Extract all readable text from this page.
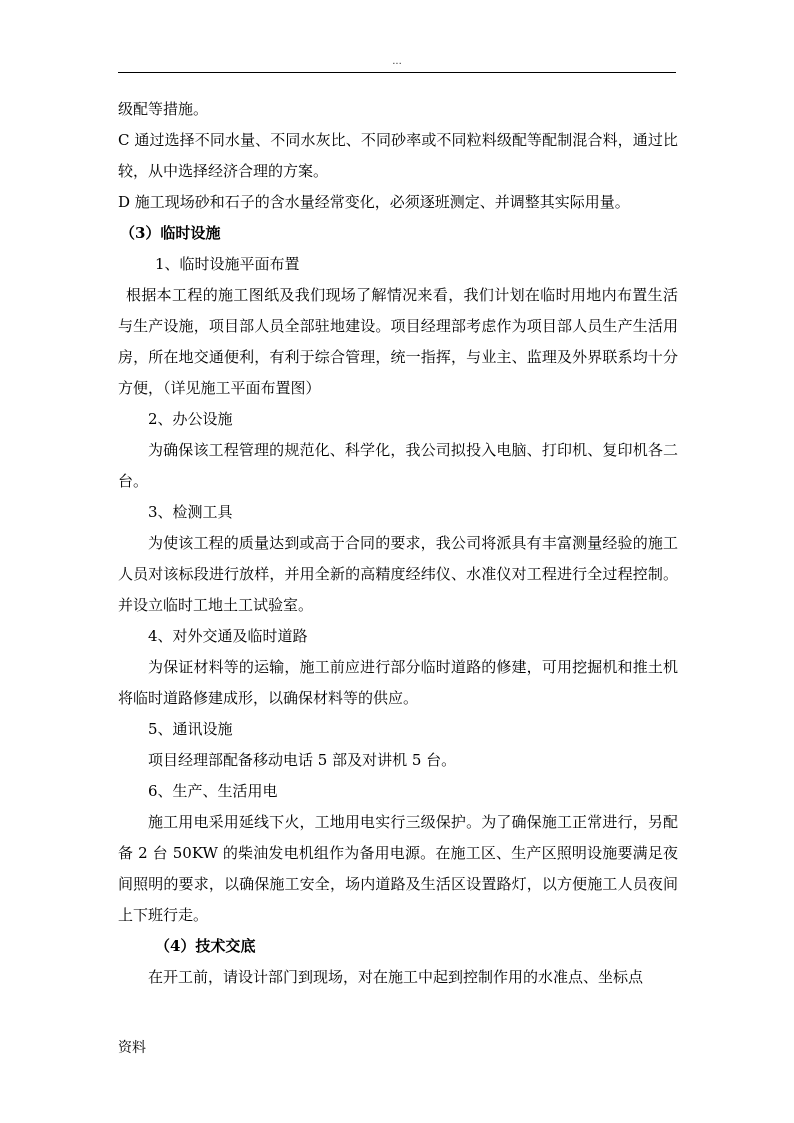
...

级配等措施。

C 通过选择不同水量、不同水灰比、不同砂率或不同粒料级配等配制混合料，通过比较，从中选择经济合理的方案。

D 施工现场砂和石子的含水量经常变化，必须逐班测定、并调整其实际用量。

（3）临时设施

1、临时设施平面布置

根据本工程的施工图纸及我们现场了解情况来看，我们计划在临时用地内布置生活与生产设施，项目部人员全部驻地建设。项目经理部考虑作为项目部人员生产生活用房，所在地交通便利，有利于综合管理，统一指挥，与业主、监理及外界联系均十分方便，（详见施工平面布置图）

2、办公设施

为确保该工程管理的规范化、科学化，我公司拟投入电脑、打印机、复印机各二台。

3、检测工具

为使该工程的质量达到或高于合同的要求，我公司将派具有丰富测量经验的施工人员对该标段进行放样，并用全新的高精度经纬仪、水准仪对工程进行全过程控制。并设立临时工地土工试验室。

4、对外交通及临时道路

为保证材料等的运输，施工前应进行部分临时道路的修建，可用挖掘机和推土机将临时道路修建成形，以确保材料等的供应。

5、通讯设施

项目经理部配备移动电话 5 部及对讲机 5 台。

6、生产、生活用电

施工用电采用延线下火，工地用电实行三级保护。为了确保施工正常进行，另配备 2 台 50KW 的柴油发电机组作为备用电源。在施工区、生产区照明设施要满足夜间照明的要求，以确保施工安全，场内道路及生活区设置路灯，以方便施工人员夜间上下班行走。

（4）技术交底

在开工前，请设计部门到现场，对在施工中起到控制作用的水准点、坐标点

资料
